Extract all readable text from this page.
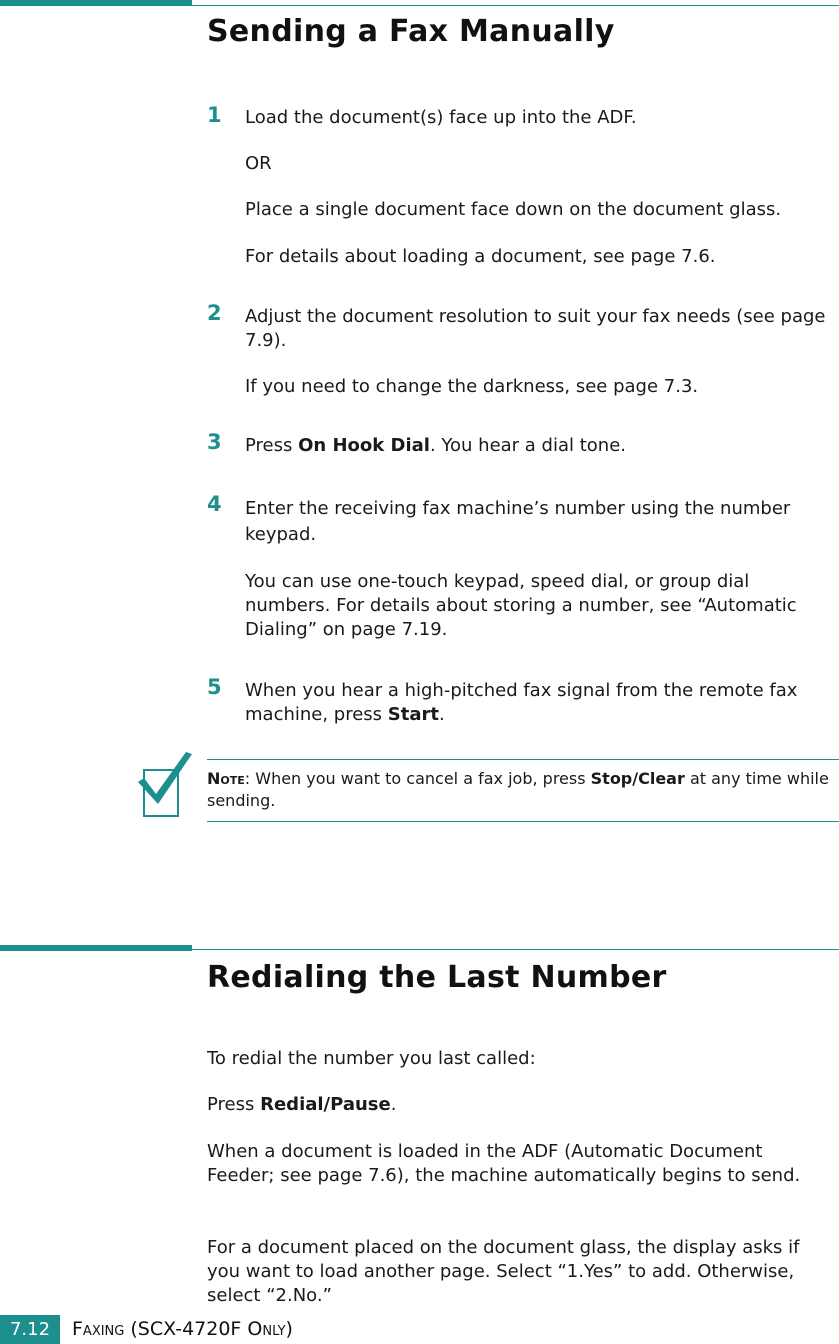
Sending a Fax Manually
1 Load the document(s) face up into the ADF.

OR

Place a single document face down on the document glass.

For details about loading a document, see page 7.6.

2 Adjust the document resolution to suit your fax needs (see page 7.9).

If you need to change the darkness, see page 7.3.

3 Press On Hook Dial. You hear a dial tone.

4 Enter the receiving fax machine’s number using the number keypad.

You can use one-touch keypad, speed dial, or group dial numbers. For details about storing a number, see “Automatic Dialing” on page 7.19.

5 When you hear a high-pitched fax signal from the remote fax machine, press Start.

Note: When you want to cancel a fax job, press Stop/Clear at any time while sending.

Redialing the Last Number

To redial the number you last called:

Press Redial/Pause.

When a document is loaded in the ADF (Automatic Document Feeder; see page 7.6), the machine automatically begins to send.

For a document placed on the document glass, the display asks if you want to load another page. Select “1.Yes” to add. Otherwise, select “2.No.”

7.12	Faxing (SCX-4720F Only)
